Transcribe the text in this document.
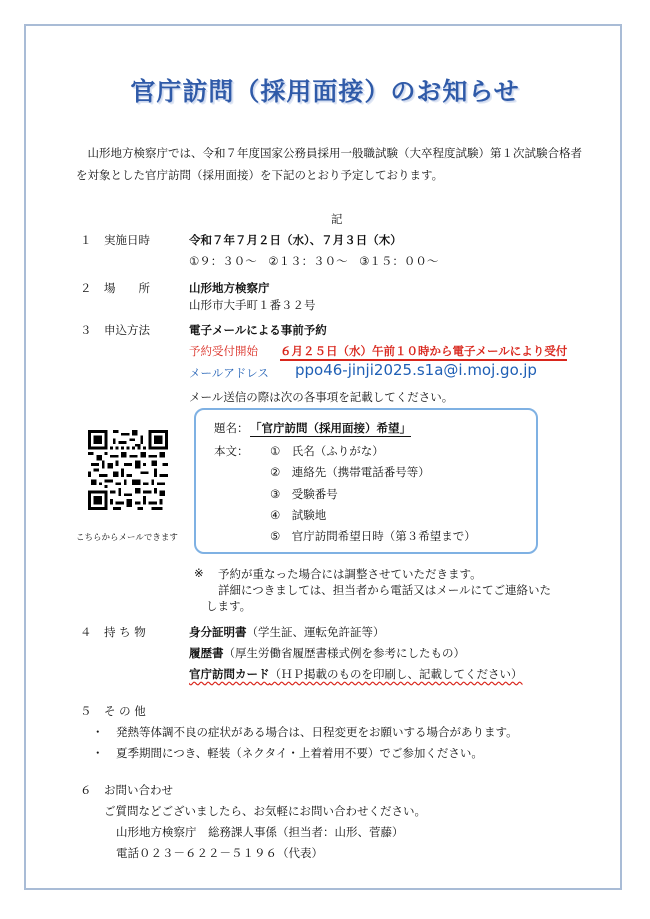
官庁訪問（採用面接）のお知らせ
山形地方検察庁では、令和７年度国家公務員採用一般職試験（大卒程度試験）第１次試験合格者を対象とした官庁訪問（採用面接）を下記のとおり予定しております。
記
１ 実施日時	令和７年７月２日（水）、７月３日（木）
①９：３０～　②１３：３０～　③１５：００～
２ 場　　所	山形地方検察庁
山形市大手町１番３２号
３ 申込方法	電子メールによる事前予約
予約受付開始 ６月２５日（水）午前１０時から電子メールにより受付
メールアドレス ppo46-jinji2025.s1a@i.moj.go.jp
メール送信の際は次の各事項を記載してください。
こちらからメールできます
題名： 「官庁訪問（採用面接）希望」
本文： ①　氏名（ふりがな）
②　連絡先（携帯電話番号等）
③　受験番号
④　試験地
⑤　官庁訪問希望日時（第３希望まで）
※ 予約が重なった場合には調整させていただきます。
詳細につきましては、担当者から電話又はメールにてご連絡いた
します。
４ 持 ち 物	身分証明書（学生証、運転免許証等）
履歴書（厚生労働省履歴書様式例を参考にしたもの）
官庁訪問カード（ＨＰ掲載のものを印刷し、記載してください）
５ そ の 他
・ 発熱等体調不良の症状がある場合は、日程変更をお願いする場合があります。
・ 夏季期間につき、軽装（ネクタイ・上着着用不要）でご参加ください。
６ お問い合わせ
ご質問などございましたら、お気軽にお問い合わせください。
山形地方検察庁　総務課人事係（担当者：山形、菅藤）
電話０２３－６２２－５１９６（代表）
